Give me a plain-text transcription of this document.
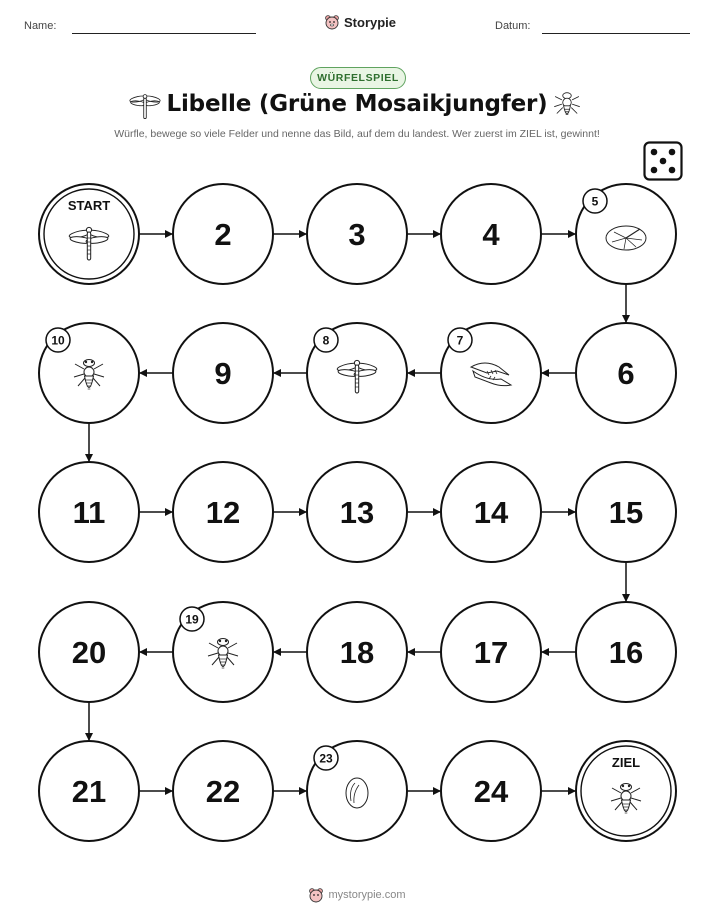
Name:	Storypie	Datum:
WÜRFELSPIEL
Libelle (Grüne Mosaikjungfer)
Würfle, bewege so viele Felder und nenne das Bild, auf dem du landest. Wer zuerst im ZIEL ist, gewinnt!
START
2	3	4
5
6
7
8
9
10
11	12	13	14	15
16
17
18
19
20
21	22
23
24
ZIEL
mystorypie.com
